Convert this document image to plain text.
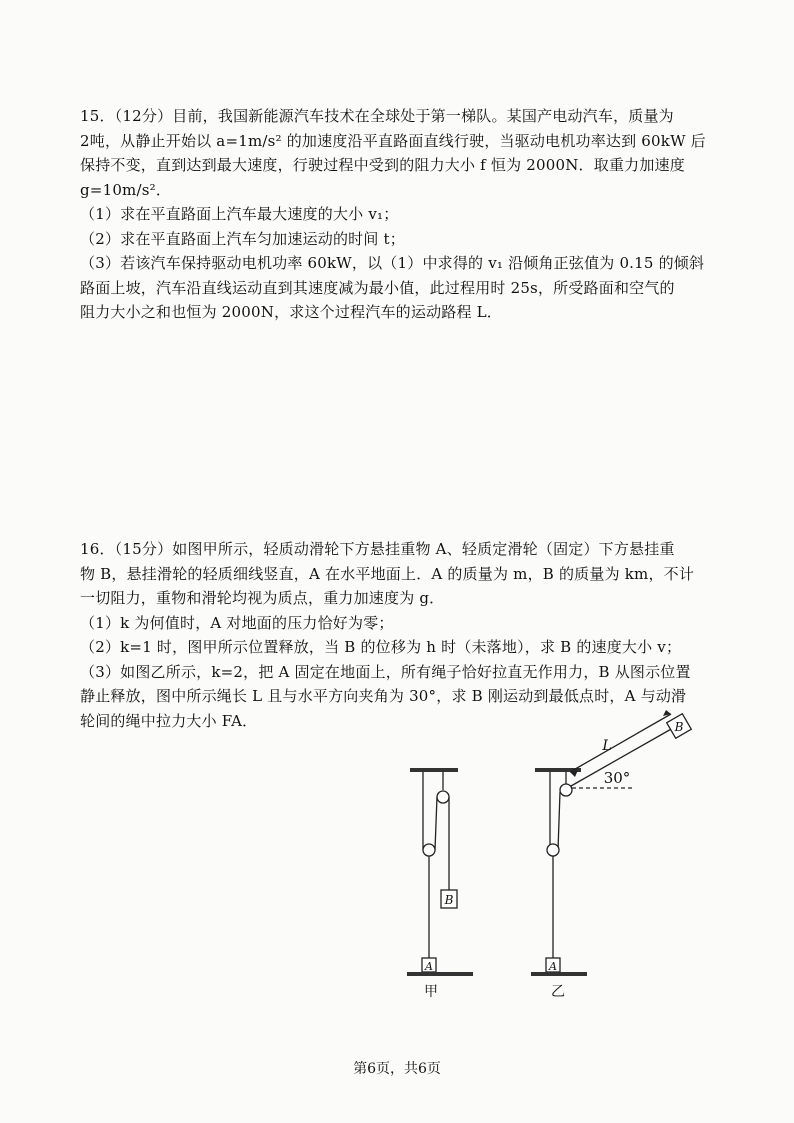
15．（12分）目前，我国新能源汽车技术在全球处于第一梯队。某国产电动汽车，质量为

2吨，从静止开始以 a=1m/s² 的加速度沿平直路面直线行驶，当驱动电机功率达到 60kW 后

保持不变，直到达到最大速度，行驶过程中受到的阻力大小 f 恒为 2000N．取重力加速度

g=10m/s²．

（1）求在平直路面上汽车最大速度的大小 v₁；

（2）求在平直路面上汽车匀加速运动的时间 t；

（3）若该汽车保持驱动电机功率 60kW，以（1）中求得的 v₁ 沿倾角正弦值为 0.15 的倾斜

路面上坡，汽车沿直线运动直到其速度减为最小值，此过程用时 25s，所受路面和空气的

阻力大小之和也恒为 2000N，求这个过程汽车的运动路程 L．

16．（15分）如图甲所示，轻质动滑轮下方悬挂重物 A、轻质定滑轮（固定）下方悬挂重

物 B，悬挂滑轮的轻质细线竖直，A 在水平地面上．A 的质量为 m，B 的质量为 km，不计

一切阻力，重物和滑轮均视为质点，重力加速度为 g．

（1）k 为何值时，A 对地面的压力恰好为零；

（2）k=1 时，图甲所示位置释放，当 B 的位移为 h 时（未落地），求 B 的速度大小 v；

（3）如图乙所示，k=2，把 A 固定在地面上，所有绳子恰好拉直无作用力，B 从图示位置

静止释放，图中所示绳长 L 且与水平方向夹角为 30°，求 B 刚运动到最低点时，A 与动滑

轮间的绳中拉力大小 FA．

B
A
甲
B
A
L
30°
乙
第6页，共6页
